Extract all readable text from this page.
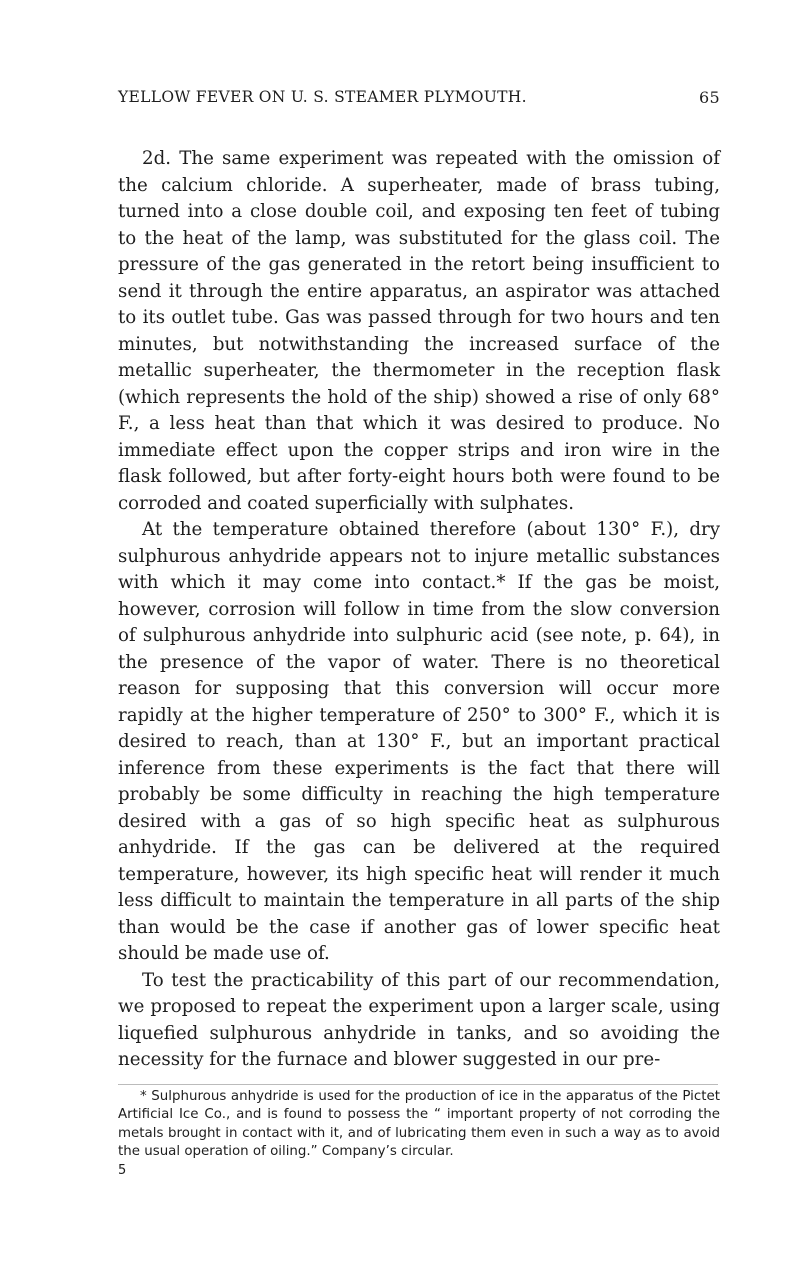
YELLOW FEVER ON U. S. STEAMER PLYMOUTH.	65

2d. The same experiment was repeated with the omission of the calcium chloride. A superheater, made of brass tubing, turned into a close double coil, and exposing ten feet of tubing to the heat of the lamp, was substituted for the glass coil. The pressure of the gas generated in the retort being insufficient to send it through the entire apparatus, an aspirator was attached to its outlet tube. Gas was passed through for two hours and ten minutes, but notwithstanding the increased surface of the metallic superheater, the thermometer in the reception flask (which represents the hold of the ship) showed a rise of only 68° F., a less heat than that which it was desired to produce. No immediate effect upon the copper strips and iron wire in the flask followed, but after forty-eight hours both were found to be corroded and coated superficially with sulphates.

At the temperature obtained therefore (about 130° F.), dry sulphurous anhydride appears not to injure metallic substances with which it may come into contact.* If the gas be moist, however, corrosion will follow in time from the slow conversion of sulphurous anhydride into sulphuric acid (see note, p. 64), in the presence of the vapor of water. There is no theoretical reason for supposing that this conversion will occur more rapidly at the higher temperature of 250° to 300° F., which it is desired to reach, than at 130° F., but an important practical inference from these experiments is the fact that there will probably be some difficulty in reaching the high temperature desired with a gas of so high specific heat as sulphurous anhydride. If the gas can be delivered at the required temperature, however, its high specific heat will render it much less difficult to maintain the temperature in all parts of the ship than would be the case if another gas of lower specific heat should be made use of.

To test the practicability of this part of our recommendation, we proposed to repeat the experiment upon a larger scale, using liquefied sulphurous anhydride in tanks, and so avoiding the necessity for the furnace and blower suggested in our pre-

* Sulphurous anhydride is used for the production of ice in the apparatus of the Pictet Artificial Ice Co., and is found to possess the “ important property of not corroding the metals brought in contact with it, and of lubricating them even in such a way as to avoid the usual operation of oiling.” Company’s circular.
5
